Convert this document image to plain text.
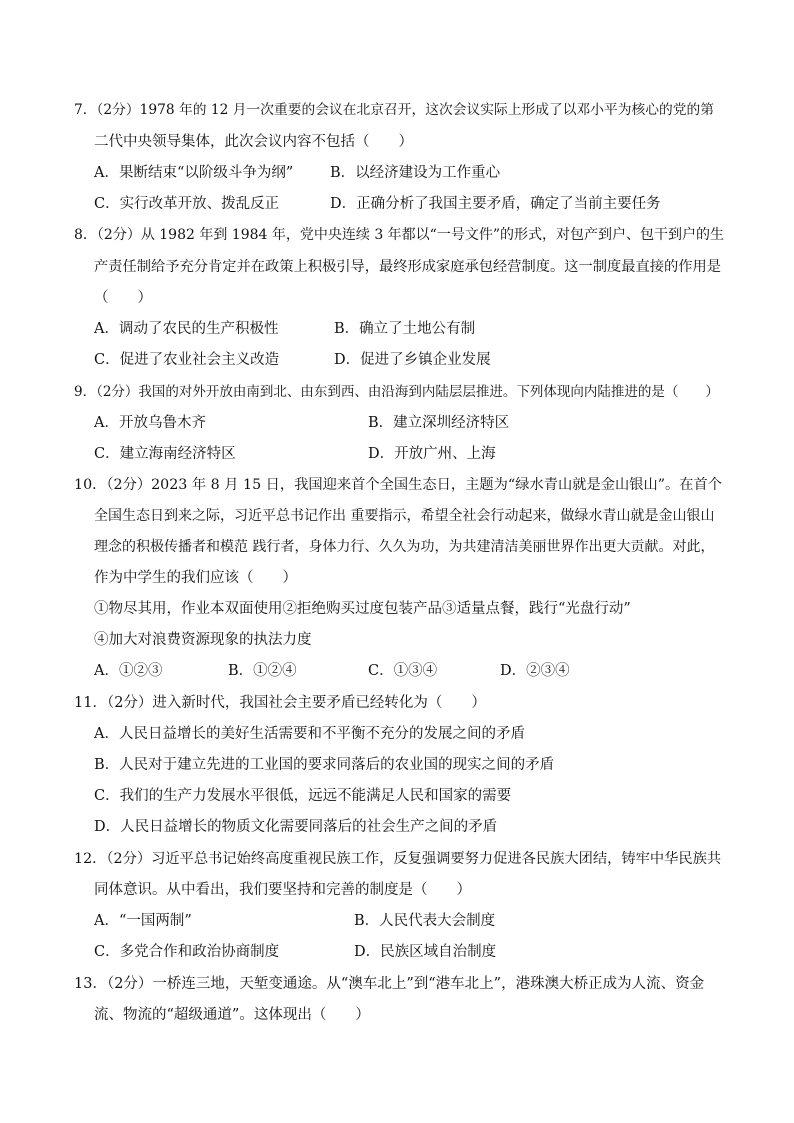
7．（2分）1978 年的 12 月一次重要的会议在北京召开，这次会议实际上形成了以邓小平为核心的党的第
二代中央领导集体，此次会议内容不包括（　　）
A．果断结束“以阶级斗争为纲”	B．以经济建设为工作重心
C．实行改革开放、拨乱反正	D．正确分析了我国主要矛盾，确定了当前主要任务
8．（2分）从 1982 年到 1984 年，党中央连续 3 年都以“一号文件”的形式，对包产到户、包干到户的生
产责任制给予充分肯定并在政策上积极引导，最终形成家庭承包经营制度。这一制度最直接的作用是
（　　）
A．调动了农民的生产积极性	B．确立了土地公有制
C．促进了农业社会主义改造	D．促进了乡镇企业发展
9．（2分）我国的对外开放由南到北、由东到西、由沿海到内陆层层推进。下列体现向内陆推进的是（　　）
A．开放乌鲁木齐	B．建立深圳经济特区
C．建立海南经济特区	D．开放广州、上海
10．（2分）2023 年 8 月 15 日，我国迎来首个全国生态日，主题为“绿水青山就是金山银山”。在首个
全国生态日到来之际，习近平总书记作出 重要指示，希望全社会行动起来，做绿水青山就是金山银山
理念的积极传播者和模范 践行者，身体力行、久久为功，为共建清洁美丽世界作出更大贡献。对此，
作为中学生的我们应该（　　）
①物尽其用，作业本双面使用②拒绝购买过度包装产品③适量点餐，践行“光盘行动”
④加大对浪费资源现象的执法力度
A．①②③	B．①②④	C．①③④	D．②③④
11．（2分）进入新时代，我国社会主要矛盾已经转化为（　　）
A．人民日益增长的美好生活需要和不平衡不充分的发展之间的矛盾
B．人民对于建立先进的工业国的要求同落后的农业国的现实之间的矛盾
C．我们的生产力发展水平很低，远远不能满足人民和国家的需要
D．人民日益增长的物质文化需要同落后的社会生产之间的矛盾
12．（2分）习近平总书记始终高度重视民族工作，反复强调要努力促进各民族大团结，铸牢中华民族共
同体意识。从中看出，我们要坚持和完善的制度是（　　）
A．“一国两制”	B．人民代表大会制度
C．多党合作和政治协商制度	D．民族区域自治制度
13．（2分）一桥连三地，天堑变通途。从“澳车北上”到“港车北上”，港珠澳大桥正成为人流、资金
流、物流的“超级通道”。这体现出（　　）
